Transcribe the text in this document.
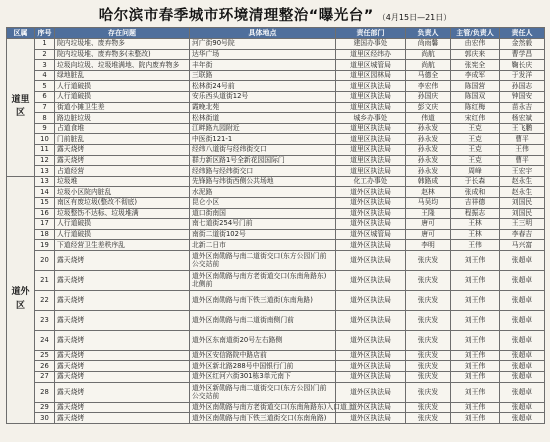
哈尔滨市春季城市环境清理整治“曝光台” （4月15日—21日）
区属	序号	存在问题	具体地点	责任部门	负责人	主管/负责人	责任人
道里区	1	院内垃圾堆、废弃物多	河广街90号院	建国办事处	尚雨馨	由宏伟	金然毅
	2	院内垃圾堆、废弃物多(未整改)	达华广场	道里区经纬办	尚航	郭庆来	曹学昌
	3	垃圾向垃圾、垃圾堆满地、院内废弃物多	丰年街	道里区城管局	尚航	张宪全	鞠长庆
	4	绿地脏乱	三联路	道里区园林局	马德全	李成军	于发洋
	5	人行道破损	松林街24号前	道里区执法局	李宏伟	陈国营	孙国志
	6	人行道破损	安乐西头道街12号	道里区执法局	孙国庆	陈国双	钟国安
	7	街道小摊卫生差	霞晚北苑	道里区执法局	彭文庆	陈红梅	苗永吉
	8	路边脏垃圾	松林街道	城乡办事处	伟道	宋红伟	杨宏斌
	9	占道食堆	江畔路九园附近	道里区执法局	孙永发	王克	王飞鹏
	10	门前脏乱	中医街121-1	道里区执法局	孙永发	王克	曹平
	11	露天烧烤	经纬八道街与经纬街交口	道里区执法局	孙永发	王克	王伟
	12	露天烧烤	群力新区路1号全新花园国际门	道里区执法局	孙永发	王克	曹平
	13	占道经营	经纬路与经纬街交口	道里区执法局	孙永发	周峰	王宏宇
道外区	13	垃圾堆	先锋路与纬街西侧公共场地	化工办事处	韩路成	于长森	赵永生
	14	垃圾小区院内脏乱	水泥路	道外区执法局	赵林	张成和	赵永生
	15	南区有废垃圾(整改不彻底)	昆仑小区	道外区执法局	马吴均	吉祥德	刘国民
	16	垃圾整饬不达标、垃圾堆满	道口街南国	道外区执法局	王隆	程振志	刘国民
	17	人行道破损	南七道街254号门前	道外区执法局	唐可	王林	王三明
	18	人行道破损	南街二道街102号	道外区城管局	唐可	王林	李春吉
	19	下道经营卫生差秩序乱	北新二日市	道外区执法局	李明	王伟	马兴富
	20	露天烧烤	道外区南勋路与南二道街交口(东方公园)门前公交站前	道外区执法局	张庆发	刘王伟	张超卓
	21	露天烧烤	道外区南勋路与南方老街道交口(东南角路东)北侧前	道外区执法局	张庆发	刘王伟	张超卓
	22	露天烧烤	道外区南勋路与南下铁三道街(东南角路)	道外区执法局	张庆发	刘王伟	张超卓
	23	露天烧烤	道外区南勋路与南二道街南侧门前	道外区执法局	张庆发	刘王伟	张超卓
	24	露天烧烤	道外区东南道街20号左右路侧	道外区执法局	张庆发	刘王伟	张超卓
	25	露天烧烤	道外区安信路院中路店前	道外区执法局	张庆发	刘王伟	张超卓
	26	露天烧烤	道外区新北路288号中国银行门前	道外区执法局	张庆发	刘王伟	张超卓
	27	露天烧烤	道外区红河六街301栋3单元南下	道外区执法局	张庆发	刘王伟	张超卓
	28	露天烧烤	道外区新勋路与南二道街交口(东方公园)门前公交站前	道外区执法局	张庆发	刘王伟	张超卓
	29	露天烧烤	道外区南勋路与南方老街道交口(东南角路东)入口道上	道外区执法局	张庆发	刘王伟	张超卓
	30	露天烧烤	道外区南勋路与南下铁三道街交口(东南角路)	道外区执法局	张庆发	刘王伟	张超卓
